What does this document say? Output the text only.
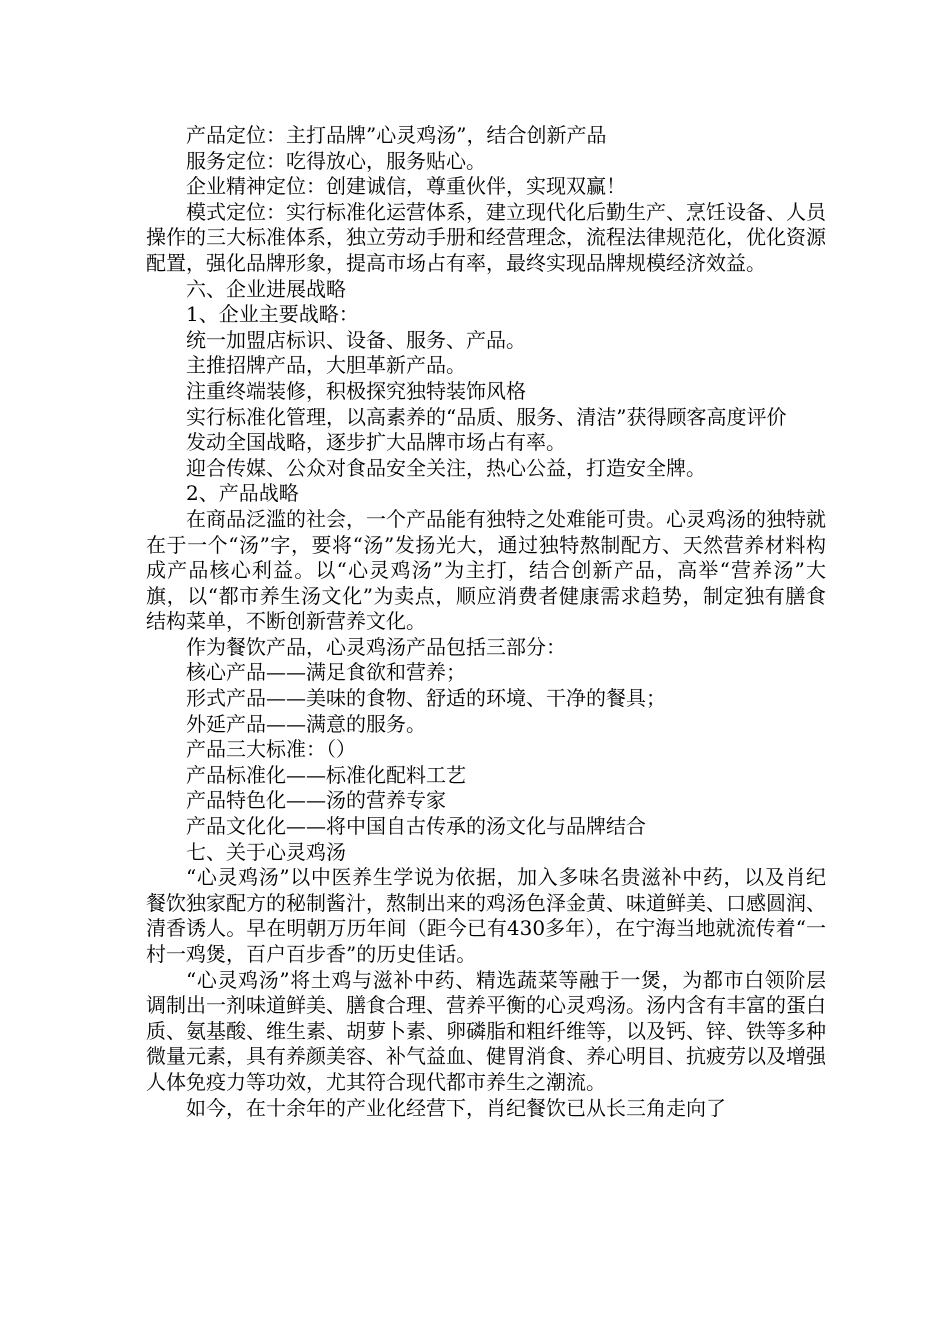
产品定位：主打品牌”心灵鸡汤”，结合创新产品

服务定位：吃得放心，服务贴心。

企业精神定位：创建诚信，尊重伙伴，实现双赢！

模式定位：实行标准化运营体系，建立现代化后勤生产、烹饪设备、人员操作的三大标准体系，独立劳动手册和经营理念，流程法律规范化，优化资源配置，强化品牌形象，提高市场占有率，最终实现品牌规模经济效益。

六、企业进展战略

1、企业主要战略：

统一加盟店标识、设备、服务、产品。

主推招牌产品，大胆革新产品。

注重终端装修，积极探究独特装饰风格

实行标准化管理，以高素养的“品质、服务、清洁”获得顾客高度评价

发动全国战略，逐步扩大品牌市场占有率。

迎合传媒、公众对食品安全关注，热心公益，打造安全牌。

2、产品战略

在商品泛滥的社会，一个产品能有独特之处难能可贵。心灵鸡汤的独特就在于一个“汤”字，要将“汤”发扬光大，通过独特熬制配方、天然营养材料构成产品核心利益。以“心灵鸡汤”为主打，结合创新产品，高举“营养汤”大旗，以“都市养生汤文化”为卖点，顺应消费者健康需求趋势，制定独有膳食结构菜单，不断创新营养文化。

作为餐饮产品，心灵鸡汤产品包括三部分：

核心产品——满足食欲和营养；

形式产品——美味的食物、舒适的环境、干净的餐具；

外延产品——满意的服务。

产品三大标准：（）

产品标准化——标准化配料工艺

产品特色化——汤的营养专家

产品文化化——将中国自古传承的汤文化与品牌结合

七、关于心灵鸡汤

“心灵鸡汤”以中医养生学说为依据，加入多味名贵滋补中药，以及肖纪餐饮独家配方的秘制酱汁，熬制出来的鸡汤色泽金黄、味道鲜美、口感圆润、清香诱人。早在明朝万历年间（距今已有430多年），在宁海当地就流传着“一村一鸡煲，百户百步香”的历史佳话。

“心灵鸡汤”将土鸡与滋补中药、精选蔬菜等融于一煲，为都市白领阶层调制出一剂味道鲜美、膳食合理、营养平衡的心灵鸡汤。汤内含有丰富的蛋白质、氨基酸、维生素、胡萝卜素、卵磷脂和粗纤维等，以及钙、锌、铁等多种微量元素，具有养颜美容、补气益血、健胃消食、养心明目、抗疲劳以及增强人体免疫力等功效，尤其符合现代都市养生之潮流。

如今，在十余年的产业化经营下，肖纪餐饮已从长三角走向了
